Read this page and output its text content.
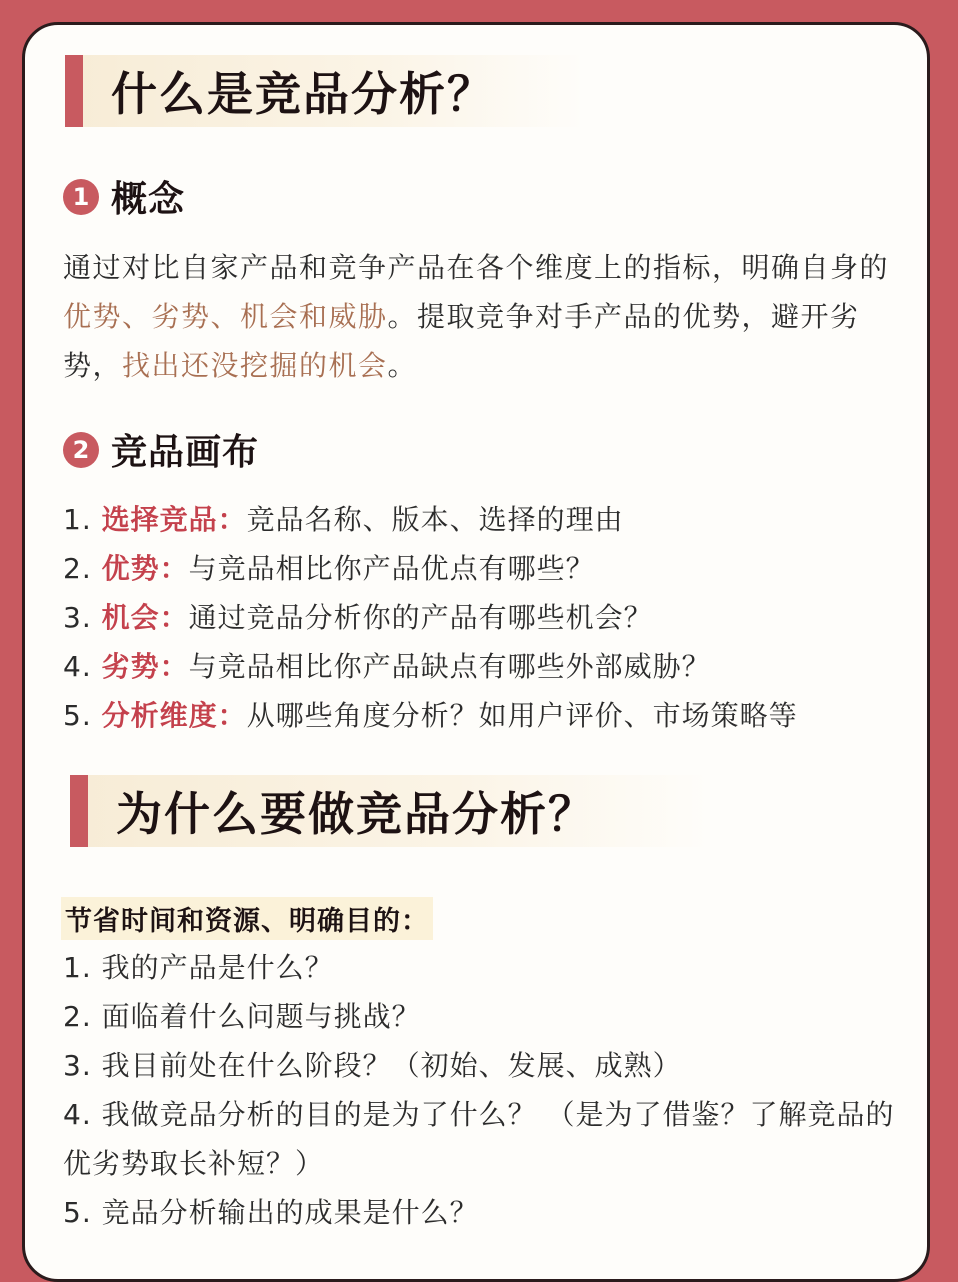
什么是竞品分析？
1 概念

通过对比自家产品和竞争产品在各个维度上的指标，明确自身的优势、劣势、机会和威胁。提取竞争对手产品的优势，避开劣势，找出还没挖掘的机会。

2 竞品画布
1. 选择竞品：竞品名称、版本、选择的理由
2. 优势：与竞品相比你产品优点有哪些？
3. 机会：通过竞品分析你的产品有哪些机会？
4. 劣势：与竞品相比你产品缺点有哪些外部威胁？
5. 分析维度：从哪些角度分析？如用户评价、市场策略等
为什么要做竞品分析？
节省时间和资源、明确目的：
1. 我的产品是什么？
2. 面临着什么问题与挑战？
3. 我目前处在什么阶段？（初始、发展、成熟）
4. 我做竞品分析的目的是为了什么？ （是为了借鉴？了解竞品的优劣势取长补短？）
5. 竞品分析输出的成果是什么？
